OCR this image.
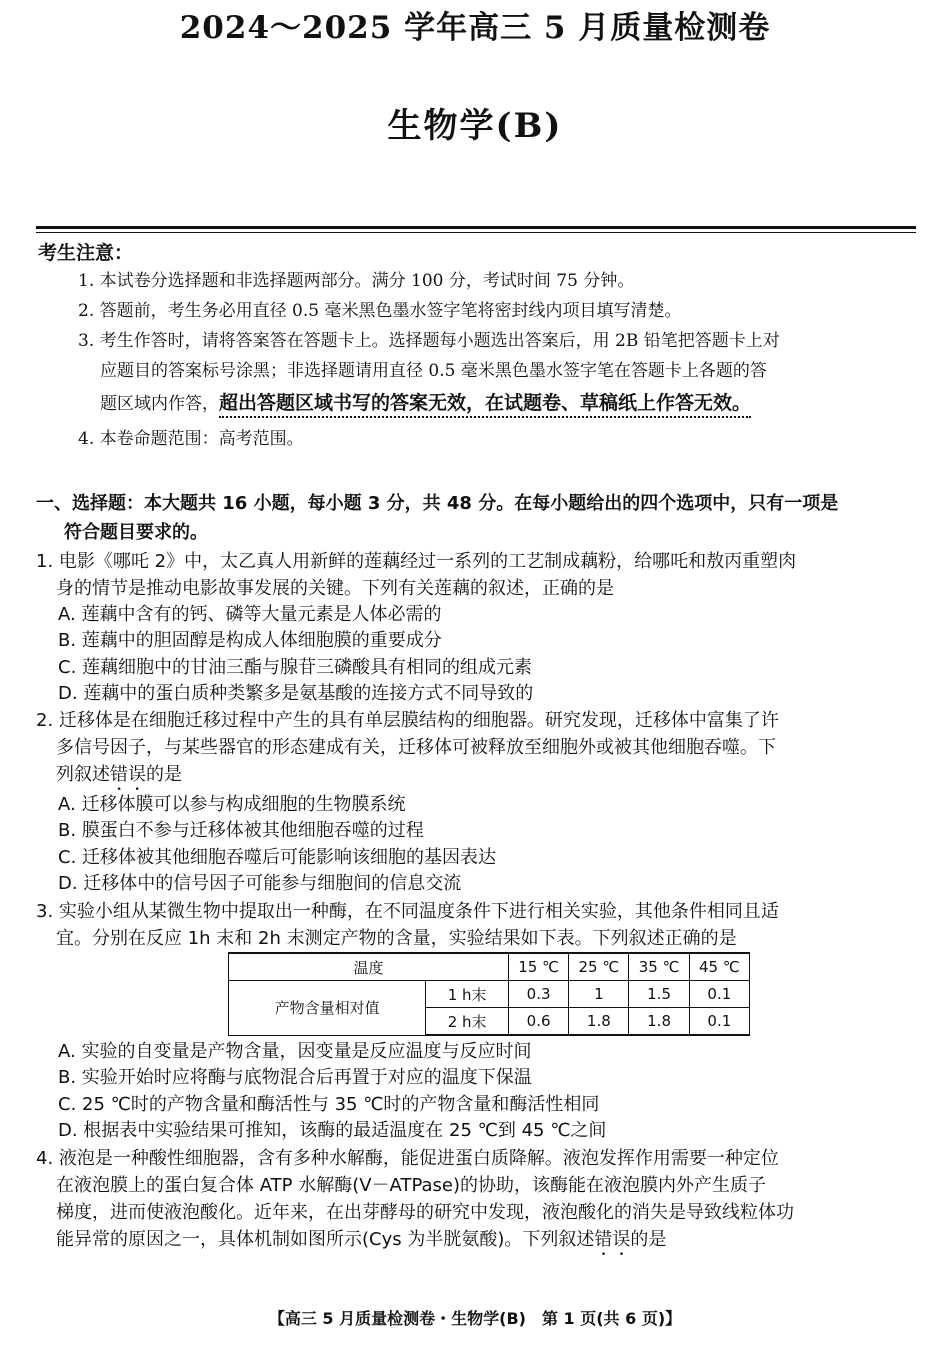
2024～2025 学年高三 5 月质量检测卷
生物学(B)
考生注意：
1. 本试卷分选择题和非选择题两部分。满分 100 分，考试时间 75 分钟。
2. 答题前，考生务必用直径 0.5 毫米黑色墨水签字笔将密封线内项目填写清楚。
3. 考生作答时，请将答案答在答题卡上。选择题每小题选出答案后，用 2B 铅笔把答题卡上对
应题目的答案标号涂黑；非选择题请用直径 0.5 毫米黑色墨水签字笔在答题卡上各题的答
题区域内作答，超出答题区域书写的答案无效，在试题卷、草稿纸上作答无效。
4. 本卷命题范围：高考范围。
一、选择题：本大题共 16 小题，每小题 3 分，共 48 分。在每小题给出的四个选项中，只有一项是
符合题目要求的。
1. 电影《哪吒 2》中，太乙真人用新鲜的莲藕经过一系列的工艺制成藕粉，给哪吒和敖丙重塑肉
身的情节是推动电影故事发展的关键。下列有关莲藕的叙述，正确的是
A. 莲藕中含有的钙、磷等大量元素是人体必需的
B. 莲藕中的胆固醇是构成人体细胞膜的重要成分
C. 莲藕细胞中的甘油三酯与腺苷三磷酸具有相同的组成元素
D. 莲藕中的蛋白质种类繁多是氨基酸的连接方式不同导致的
2. 迁移体是在细胞迁移过程中产生的具有单层膜结构的细胞器。研究发现，迁移体中富集了许
多信号因子，与某些器官的形态建成有关，迁移体可被释放至细胞外或被其他细胞吞噬。下
列叙述错误的是
A. 迁移体膜可以参与构成细胞的生物膜系统
B. 膜蛋白不参与迁移体被其他细胞吞噬的过程
C. 迁移体被其他细胞吞噬后可能影响该细胞的基因表达
D. 迁移体中的信号因子可能参与细胞间的信息交流
3. 实验小组从某微生物中提取出一种酶，在不同温度条件下进行相关实验，其他条件相同且适
宜。分别在反应 1h 末和 2h 末测定产物的含量，实验结果如下表。下列叙述正确的是
温度		15 ℃	25 ℃	35 ℃	45 ℃
产物含量相对值	1 h末	0.3	1	1.5	0.1
	2 h末	0.6	1.8	1.8	0.1
A. 实验的自变量是产物含量，因变量是反应温度与反应时间
B. 实验开始时应将酶与底物混合后再置于对应的温度下保温
C. 25 ℃时的产物含量和酶活性与 35 ℃时的产物含量和酶活性相同
D. 根据表中实验结果可推知，该酶的最适温度在 25 ℃到 45 ℃之间
4. 液泡是一种酸性细胞器，含有多种水解酶，能促进蛋白质降解。液泡发挥作用需要一种定位
在液泡膜上的蛋白复合体 ATP 水解酶(V－ATPase)的协助，该酶能在液泡膜内外产生质子
梯度，进而使液泡酸化。近年来，在出芽酵母的研究中发现，液泡酸化的消失是导致线粒体功
能异常的原因之一，具体机制如图所示(Cys 为半胱氨酸)。下列叙述错误的是
【高三 5 月质量检测卷・生物学(B)　第 1 页(共 6 页)】
